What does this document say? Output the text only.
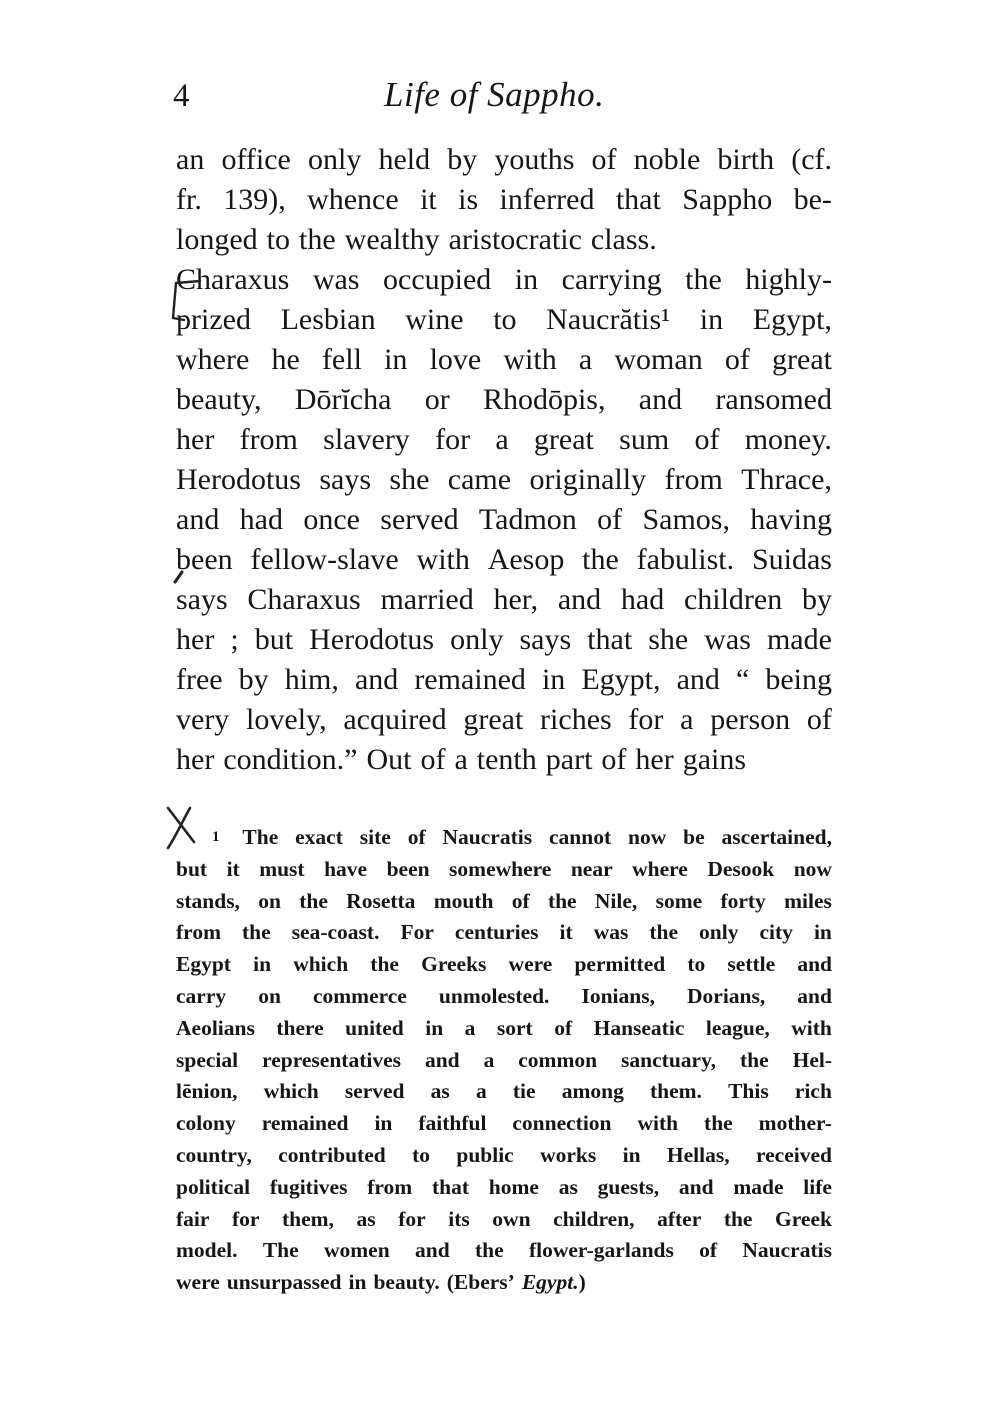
4	Life of Sappho.
an office only held by youths of noble birth (cf.
fr. 139), whence it is inferred that Sappho be-
longed to the wealthy aristocratic class.
Charaxus was occupied in carrying the highly-
prized Lesbian wine to Naucrătis¹ in Egypt,
where he fell in love with a woman of great
beauty, Dōrĭcha or Rhodōpis, and ransomed
her from slavery for a great sum of money.
Herodotus says she came originally from Thrace,
and had once served Tadmon of Samos, having
been fellow-slave with Aesop the fabulist. Suidas
says Charaxus married her, and had children by
her ; but Herodotus only says that she was made
free by him, and remained in Egypt, and “ being
very lovely, acquired great riches for a person of
her condition.” Out of a tenth part of her gains
1 The exact site of Naucratis cannot now be ascertained,
but it must have been somewhere near where Desook now
stands, on the Rosetta mouth of the Nile, some forty miles
from the sea-coast. For centuries it was the only city in
Egypt in which the Greeks were permitted to settle and
carry on commerce unmolested. Ionians, Dorians, and
Aeolians there united in a sort of Hanseatic league, with
special representatives and a common sanctuary, the Hel-
lēnion, which served as a tie among them. This rich
colony remained in faithful connection with the mother-
country, contributed to public works in Hellas, received
political fugitives from that home as guests, and made life
fair for them, as for its own children, after the Greek
model. The women and the flower-garlands of Naucratis
were unsurpassed in beauty. (Ebers’ Egypt. )
